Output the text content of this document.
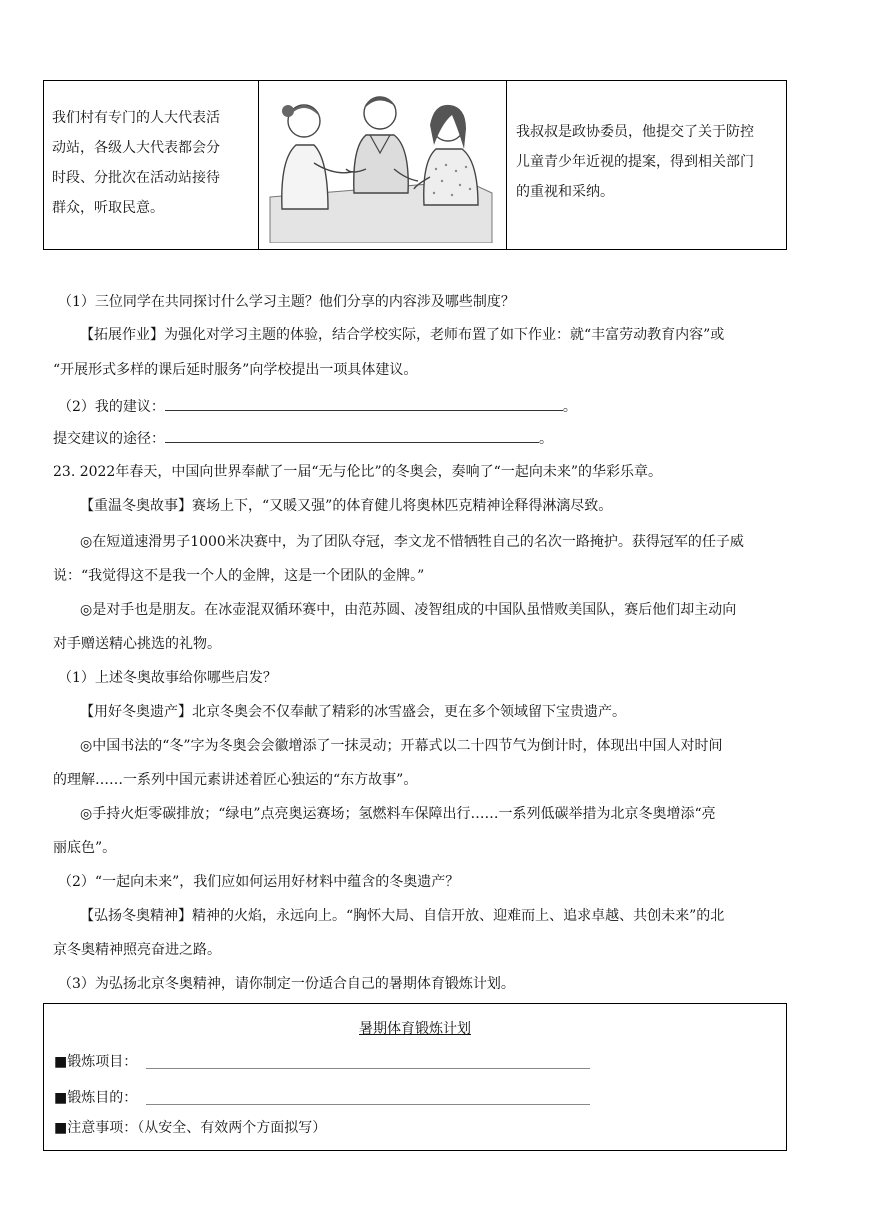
我们村有专门的人大代表活
动站，各级人大代表都会分
时段、分批次在活动站接待
群众，听取民意。
我叔叔是政协委员，他提交了关于防控
儿童青少年近视的提案，得到相关部门
的重视和采纳。
（1）三位同学在共同探讨什么学习主题？他们分享的内容涉及哪些制度？
【拓展作业】为强化对学习主题的体验，结合学校实际，老师布置了如下作业：就“丰富劳动教育内容”或
“开展形式多样的课后延时服务”向学校提出一项具体建议。
（2）我的建议：	。
提交建议的途径：	。
23. 2022年春天，中国向世界奉献了一届“无与伦比”的冬奥会，奏响了“一起向未来”的华彩乐章。
【重温冬奥故事】赛场上下，“又暖又强”的体育健儿将奥林匹克精神诠释得淋漓尽致。
◎在短道速滑男子1000米决赛中，为了团队夺冠，李文龙不惜牺牲自己的名次一路掩护。获得冠军的任子威
说：“我觉得这不是我一个人的金牌，这是一个团队的金牌。”
◎是对手也是朋友。在冰壶混双循环赛中，由范苏圆、凌智组成的中国队虽惜败美国队，赛后他们却主动向
对手赠送精心挑选的礼物。
（1）上述冬奥故事给你哪些启发？
【用好冬奥遗产】北京冬奥会不仅奉献了精彩的冰雪盛会，更在多个领域留下宝贵遗产。
◎中国书法的“冬”字为冬奥会会徽增添了一抹灵动；开幕式以二十四节气为倒计时，体现出中国人对时间
的理解……一系列中国元素讲述着匠心独运的“东方故事”。
◎手持火炬零碳排放；“绿电”点亮奥运赛场；氢燃料车保障出行……一系列低碳举措为北京冬奥增添“亮
丽底色”。
（2）“一起向未来”，我们应如何运用好材料中蕴含的冬奥遗产？
【弘扬冬奥精神】精神的火焰，永远向上。“胸怀大局、自信开放、迎难而上、追求卓越、共创未来”的北
京冬奥精神照亮奋进之路。
（3）为弘扬北京冬奥精神，请你制定一份适合自己的暑期体育锻炼计划。
暑期体育锻炼计划
■锻炼项目：
■锻炼目的：
■注意事项：（从安全、有效两个方面拟写）
